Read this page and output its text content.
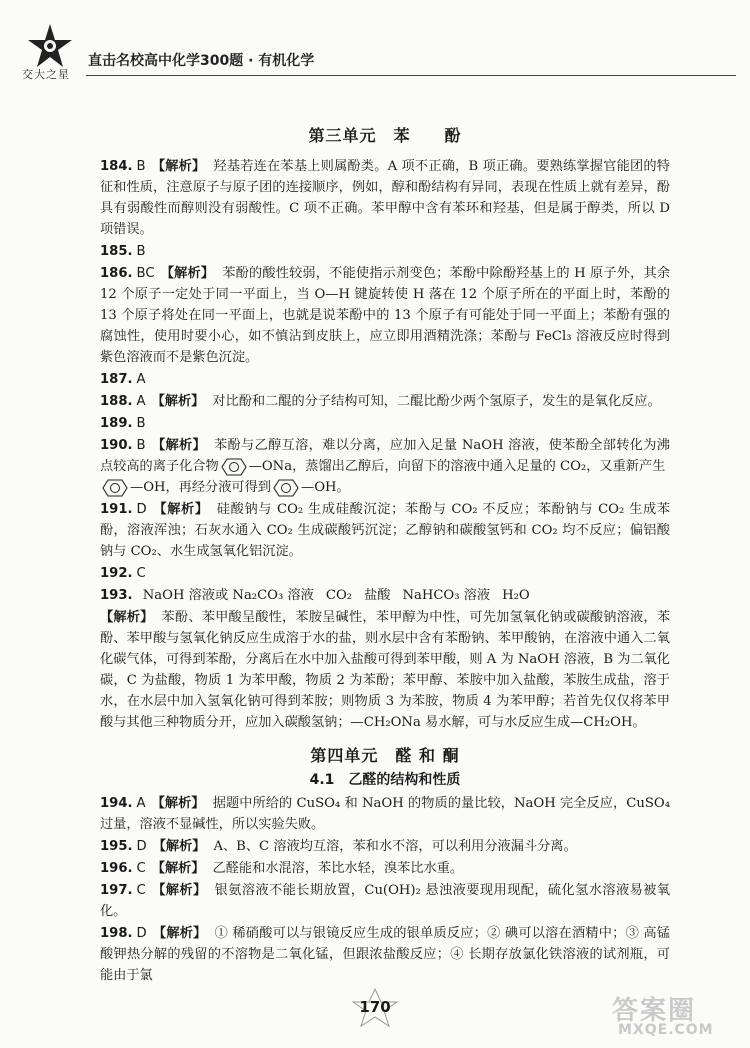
交大之星
直击名校高中化学300题 · 有机化学
第三单元　苯　　酚

184. B 【解析】 羟基若连在苯基上则属酚类。A 项不正确，B 项正确。要熟练掌握官能团的特征和性质，注意原子与原子团的连接顺序，例如，醇和酚结构有异同，表现在性质上就有差异，酚具有弱酸性而醇则没有弱酸性。C 项不正确。苯甲醇中含有苯环和羟基，但是属于醇类，所以 D 项错误。

185. B

186. BC 【解析】 苯酚的酸性较弱，不能使指示剂变色；苯酚中除酚羟基上的 H 原子外，其余 12 个原子一定处于同一平面上，当 O—H 键旋转使 H 落在 12 个原子所在的平面上时，苯酚的 13 个原子将处在同一平面上，也就是说苯酚中的 13 个原子有可能处于同一平面上；苯酚有强的腐蚀性，使用时要小心，如不慎沾到皮肤上，应立即用酒精洗涤；苯酚与 FeCl₃ 溶液反应时得到紫色溶液而不是紫色沉淀。

187. A

188. A 【解析】 对比酚和二醌的分子结构可知，二醌比酚少两个氢原子，发生的是氧化反应。

189. B

190. B 【解析】 苯酚与乙醇互溶，难以分离，应加入足量 NaOH 溶液，使苯酚全部转化为沸点较高的离子化合物 —ONa，蒸馏出乙醇后，向留下的溶液中通入足量的 CO₂，又重新产生
—OH，再经分液可得到 —OH。

191. D 【解析】 硅酸钠与 CO₂ 生成硅酸沉淀；苯酚与 CO₂ 不反应；苯酚钠与 CO₂ 生成苯酚，溶液浑浊；石灰水通入 CO₂ 生成碳酸钙沉淀；乙醇钠和碳酸氢钙和 CO₂ 均不反应；偏铝酸钠与 CO₂、水生成氢氧化铝沉淀。

192. C

193. NaOH 溶液或 Na₂CO₃ 溶液 CO₂ 盐酸 NaHCO₃ 溶液 H₂O

【解析】 苯酚、苯甲酸呈酸性，苯胺呈碱性，苯甲醇为中性，可先加氢氧化钠或碳酸钠溶液，苯酚、苯甲酸与氢氧化钠反应生成溶于水的盐，则水层中含有苯酚钠、苯甲酸钠，在溶液中通入二氧化碳气体，可得到苯酚，分离后在水中加入盐酸可得到苯甲酸，则 A 为 NaOH 溶液，B 为二氧化碳，C 为盐酸，物质 1 为苯甲酸，物质 2 为苯酚；苯甲醇、苯胺中加入盐酸，苯胺生成盐，溶于水，在水层中加入氢氧化钠可得到苯胺；则物质 3 为苯胺，物质 4 为苯甲醇；若首先仅仅将苯甲酸与其他三种物质分开，应加入碳酸氢钠；—CH₂ONa 易水解，可与水反应生成—CH₂OH。

第四单元　醛 和 酮
4.1　乙醛的结构和性质

194. A 【解析】 据题中所给的 CuSO₄ 和 NaOH 的物质的量比较，NaOH 完全反应，CuSO₄ 过量，溶液不显碱性，所以实验失败。

195. D 【解析】 A、B、C 溶液均互溶，苯和水不溶，可以利用分液漏斗分离。

196. C 【解析】 乙醛能和水混溶，苯比水轻，溴苯比水重。

197. C 【解析】 银氨溶液不能长期放置，Cu(OH)₂ 悬浊液要现用现配，硫化氢水溶液易被氧化。

198. D 【解析】 ① 稀硝酸可以与银镜反应生成的银单质反应；② 碘可以溶在酒精中；③ 高锰酸钾热分解的残留的不溶物是二氧化锰，但跟浓盐酸反应；④ 长期存放氯化铁溶液的试剂瓶，可能由于氯

170	答案圈
MXQE.COM
